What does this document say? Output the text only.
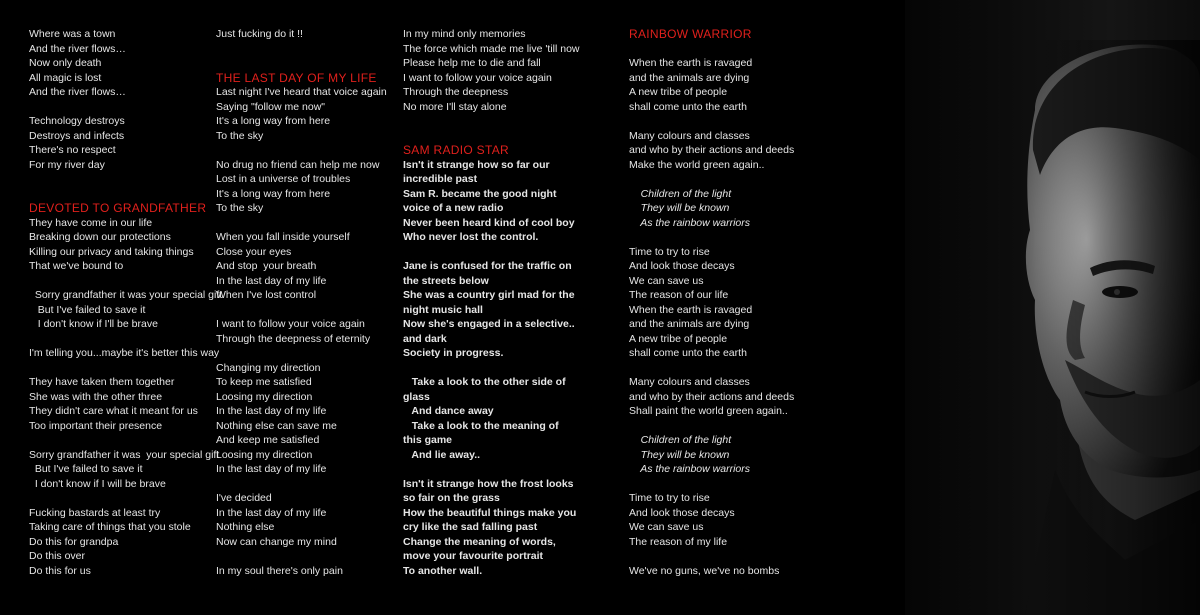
Where was a town
And the river flows…
Now only death
All magic is lost
And the river flows…
Technology destroys
Destroys and infects
There's no respect
For my river day
DEVOTED TO GRANDFATHER
They have come in our life
Breaking down our protections
Killing our privacy and taking things
That we've bound to
Sorry grandfather it was your special gift
But I've failed to save it
I don't know if I'll be brave
I'm telling you...maybe it's better this way
They have taken them together
She was with the other three
They didn't care what it meant for us
Too important their presence
Sorry grandfather it was  your special gift
But I've failed to save it
I don't know if I will be brave
Fucking bastards at least try
Taking care of things that you stole
Do this for grandpa
Do this over
Do this for us
Just fucking do it !!
THE LAST DAY OF MY LIFE
Last night I've heard that voice again
Saying "follow me now"
It's a long way from here
To the sky
No drug no friend can help me now
Lost in a universe of troubles
It's a long way from here
To the sky
When you fall inside yourself
Close your eyes
And stop  your breath
In the last day of my life
When I've lost control
I want to follow your voice again
Through the deepness of eternity
Changing my direction
To keep me satisfied
Loosing my direction
In the last day of my life
Nothing else can save me
And keep me satisfied
Loosing my direction
In the last day of my life
I've decided
In the last day of my life
Nothing else
Now can change my mind
In my soul there's only pain
In my mind only memories
The force which made me live 'till now
Please help me to die and fall
I want to follow your voice again
Through the deepness
No more I'll stay alone
SAM RADIO STAR
Isn't it strange how so far our
incredible past
Sam R. became the good night
voice of a new radio
Never been heard kind of cool boy
Who never lost the control.
Jane is confused for the traffic on
the streets below
She was a country girl mad for the
night music hall
Now she's engaged in a selective..
and dark
Society in progress.
Take a look to the other side of
glass
And dance away
Take a look to the meaning of
this game
And lie away..
Isn't it strange how the frost looks
so fair on the grass
How the beautiful things make you
cry like the sad falling past
Change the meaning of words,
move your favourite portrait
To another wall.
RAINBOW WARRIOR
When the earth is ravaged
and the animals are dying
A new tribe of people
shall come unto the earth
Many colours and classes
and who by their actions and deeds
Make the world green again..
Children of the light
They will be known
As the rainbow warriors
Time to try to rise
And look those decays
We can save us
The reason of our life
When the earth is ravaged
and the animals are dying
A new tribe of people
shall come unto the earth
Many colours and classes
and who by their actions and deeds
Shall paint the world green again..
Children of the light
They will be known
As the rainbow warriors
Time to try to rise
And look those decays
We can save us
The reason of my life
We've no guns, we've no bombs
